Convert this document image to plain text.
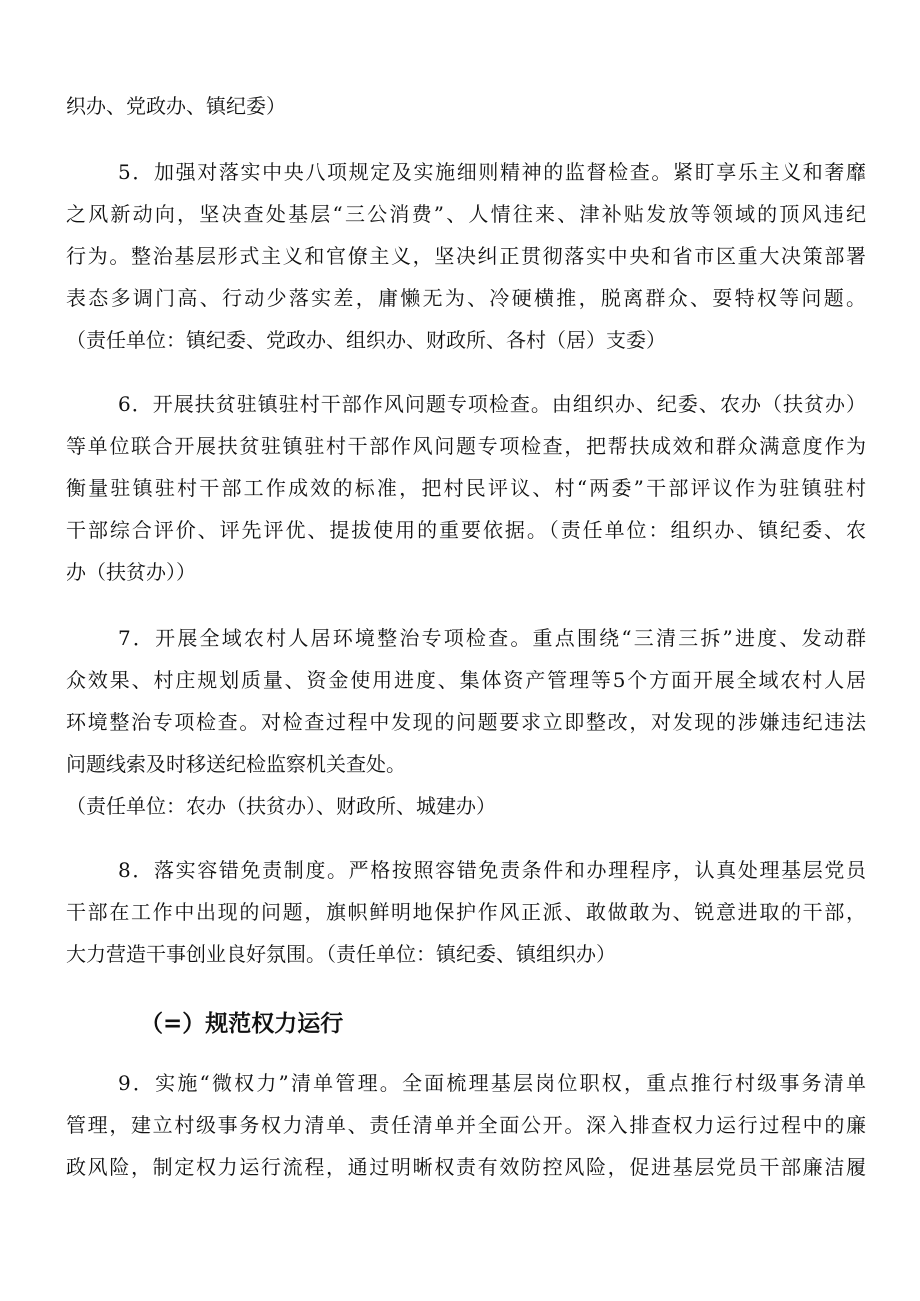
织办、党政办、镇纪委）

5．加强对落实中央八项规定及实施细则精神的监督检查。紧盯享乐主义和奢靡
之风新动向，坚决查处基层“三公消费”、人情往来、津补贴发放等领域的顶风违纪
行为。整治基层形式主义和官僚主义，坚决纠正贯彻落实中央和省市区重大决策部署
表态多调门高、行动少落实差，庸懒无为、冷硬横推，脱离群众、耍特权等问题。
（责任单位：镇纪委、党政办、组织办、财政所、各村（居）支委）

6．开展扶贫驻镇驻村干部作风问题专项检查。由组织办、纪委、农办（扶贫办）
等单位联合开展扶贫驻镇驻村干部作风问题专项检查，把帮扶成效和群众满意度作为
衡量驻镇驻村干部工作成效的标准，把村民评议、村“两委”干部评议作为驻镇驻村
干部综合评价、评先评优、提拔使用的重要依据。（责任单位：组织办、镇纪委、农
办（扶贫办））

7．开展全域农村人居环境整治专项检查。重点围绕“三清三拆”进度、发动群
众效果、村庄规划质量、资金使用进度、集体资产管理等5个方面开展全域农村人居
环境整治专项检查。对检查过程中发现的问题要求立即整改，对发现的涉嫌违纪违法
问题线索及时移送纪检监察机关查处。
（责任单位：农办（扶贫办）、财政所、城建办）

8．落实容错免责制度。严格按照容错免责条件和办理程序，认真处理基层党员
干部在工作中出现的问题，旗帜鲜明地保护作风正派、敢做敢为、锐意进取的干部，
大力营造干事创业良好氛围。（责任单位：镇纪委、镇组织办）

（=）规范权力运行

9．实施“微权力”清单管理。全面梳理基层岗位职权，重点推行村级事务清单
管理，建立村级事务权力清单、责任清单并全面公开。深入排查权力运行过程中的廉
政风险，制定权力运行流程，通过明晰权责有效防控风险，促进基层党员干部廉洁履
